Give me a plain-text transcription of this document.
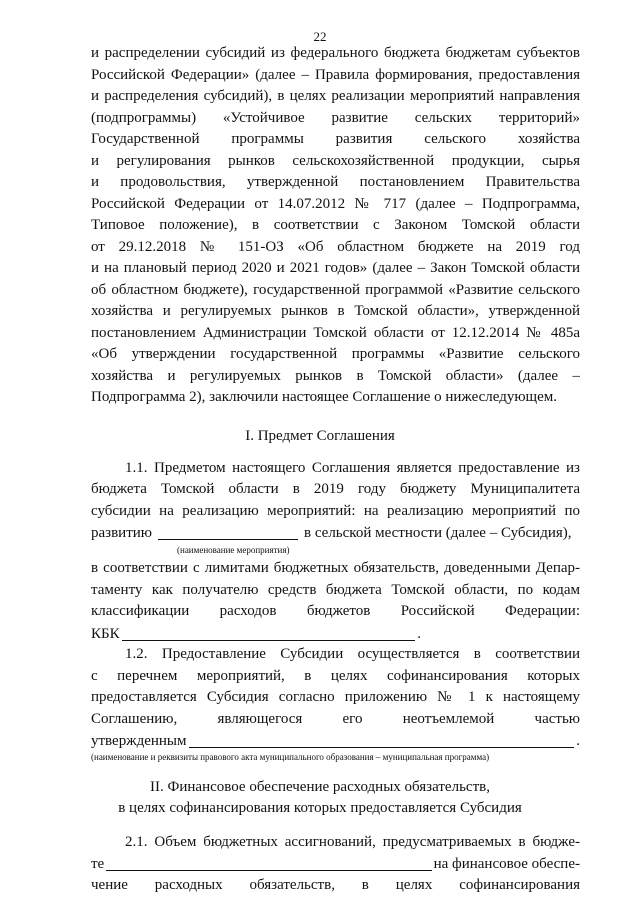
22
и распределении субсидий из федерального бюджета бюджетам субъектов
Российской Федерации» (далее – Правила формирования, предоставления
и распределения субсидий), в целях реализации мероприятий направления
(подпрограммы) «Устойчивое развитие сельских территорий»
Государственной программы развития сельского хозяйства
и регулирования рынков сельскохозяйственной продукции, сырья
и продовольствия, утвержденной постановлением Правительства
Российской Федерации от 14.07.2012 № 717 (далее – Подпрограмма,
Типовое положение), в соответствии с Законом Томской области
от 29.12.2018 № 151-ОЗ «Об областном бюджете на 2019 год
и на плановый период 2020 и 2021 годов» (далее – Закон Томской области
об областном бюджете), государственной программой «Развитие сельского
хозяйства и регулируемых рынков в Томской области», утвержденной
постановлением Администрации Томской области от 12.12.2014 № 485а
«Об утверждении государственной программы «Развитие сельского
хозяйства и регулируемых рынков в Томской области» (далее –
Подпрограмма 2), заключили настоящее Соглашение о нижеследующем.
I. Предмет Соглашения
1.1. Предметом настоящего Соглашения является предоставление из
бюджета Томской области в 2019 году бюджету Муниципалитета
субсидии на реализацию мероприятий: на реализацию мероприятий по
развитию	в сельской местности (далее – Субсидия),
(наименование мероприятия)
в соответствии с лимитами бюджетных обязательств, доведенными Депар-
таменту как получателю средств бюджета Томской области, по кодам
классификации расходов бюджетов Российской Федерации:
КБК	.
1.2. Предоставление Субсидии осуществляется в соответствии
с перечнем мероприятий, в целях софинансирования которых
предоставляется Субсидия согласно приложению № 1 к настоящему
Соглашению, являющегося его неотъемлемой частью
утвержденным	.
(наименование и реквизиты правового акта муниципального образования – муниципальная программа)
II. Финансовое обеспечение расходных обязательств,
в целях софинансирования которых предоставляется Субсидия
2.1. Объем бюджетных ассигнований, предусматриваемых в бюдже-
те	на финансовое обеспе-
чение расходных обязательств, в целях софинансирования
